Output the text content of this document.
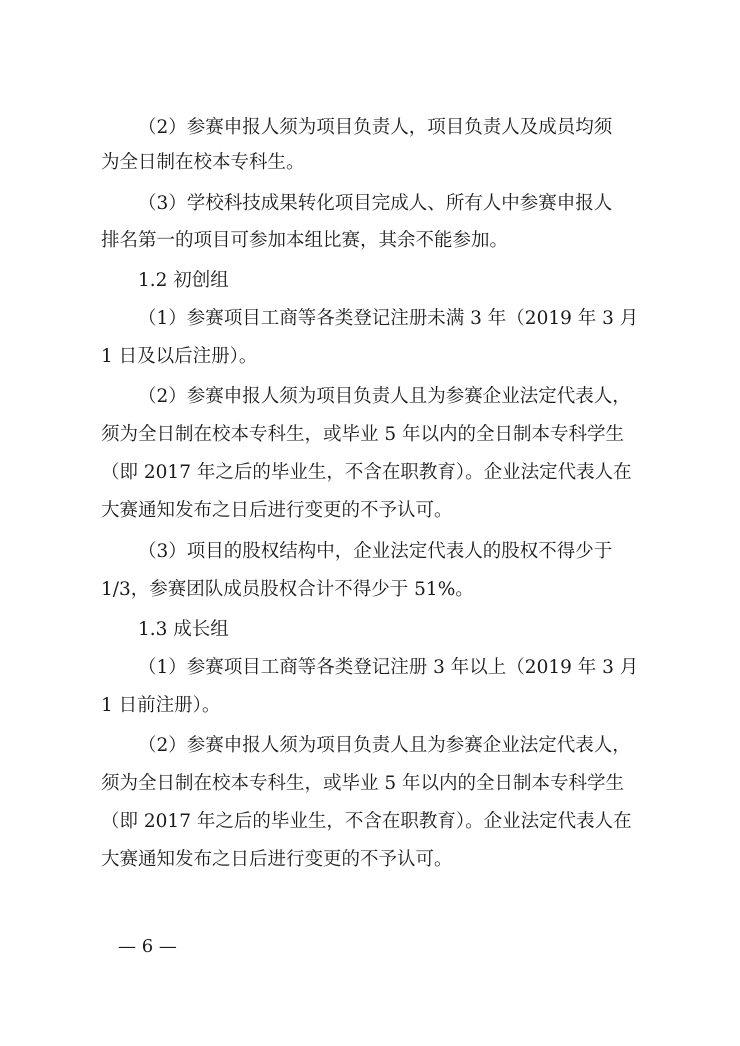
（2）参赛申报人须为项目负责人，项目负责人及成员均须
为全日制在校本专科生。
（3）学校科技成果转化项目完成人、所有人中参赛申报人
排名第一的项目可参加本组比赛，其余不能参加。
1.2 初创组
（1）参赛项目工商等各类登记注册未满 3 年（2019 年 3 月
1 日及以后注册）。
（2）参赛申报人须为项目负责人且为参赛企业法定代表人，
须为全日制在校本专科生，或毕业 5 年以内的全日制本专科学生
（即 2017 年之后的毕业生，不含在职教育）。企业法定代表人在
大赛通知发布之日后进行变更的不予认可。
（3）项目的股权结构中，企业法定代表人的股权不得少于
1/3，参赛团队成员股权合计不得少于 51%。
1.3 成长组
（1）参赛项目工商等各类登记注册 3 年以上（2019 年 3 月
1 日前注册）。
（2）参赛申报人须为项目负责人且为参赛企业法定代表人，
须为全日制在校本专科生，或毕业 5 年以内的全日制本专科学生
（即 2017 年之后的毕业生，不含在职教育）。企业法定代表人在
大赛通知发布之日后进行变更的不予认可。
— 6 —
